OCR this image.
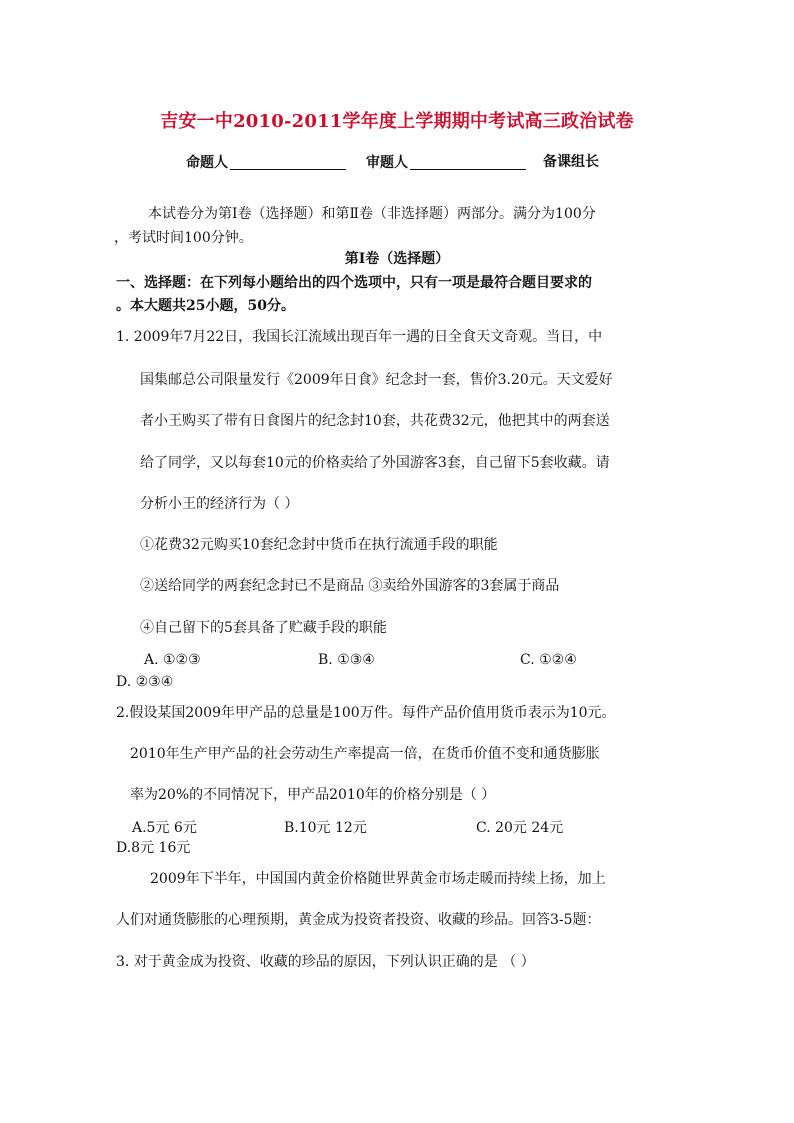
吉安一中2010-2011学年度上学期期中考试高三政治试卷
命题人	审题人	备课组长
本试卷分为第Ⅰ卷（选择题）和第Ⅱ卷（非选择题）两部分。满分为100分
，考试时间100分钟。
第Ⅰ卷（选择题）
一、选择题：在下列每小题给出的四个选项中，只有一项是最符合题目要求的
。本大题共25小题，50分。
1. 2009年7月22日，我国长江流域出现百年一遇的日全食天文奇观。当日，中
国集邮总公司限量发行《2009年日食》纪念封一套，售价3.20元。天文爱好
者小王购买了带有日食图片的纪念封10套，共花费32元，他把其中的两套送
给了同学，又以每套10元的价格卖给了外国游客3套，自己留下5套收藏。请
分析小王的经济行为（ ）
①花费32元购买10套纪念封中货币在执行流通手段的职能
②送给同学的两套纪念封已不是商品 ③卖给外国游客的3套属于商品
④自己留下的5套具备了贮藏手段的职能
A. ①②③	B. ①③④	C. ①②④
D. ②③④
2.假设某国2009年甲产品的总量是100万件。每件产品价值用货币表示为10元。
2010年生产甲产品的社会劳动生产率提高一倍，在货币价值不变和通货膨胀
率为20%的不同情况下，甲产品2010年的价格分别是（ ）
A.5元 6元	B.10元 12元	C. 20元 24元
D.8元 16元
2009年下半年，中国国内黄金价格随世界黄金市场走暖而持续上扬，加上
人们对通货膨胀的心理预期，黄金成为投资者投资、收藏的珍品。回答3-5题：
3. 对于黄金成为投资、收藏的珍品的原因，下列认识正确的是 （ ）
